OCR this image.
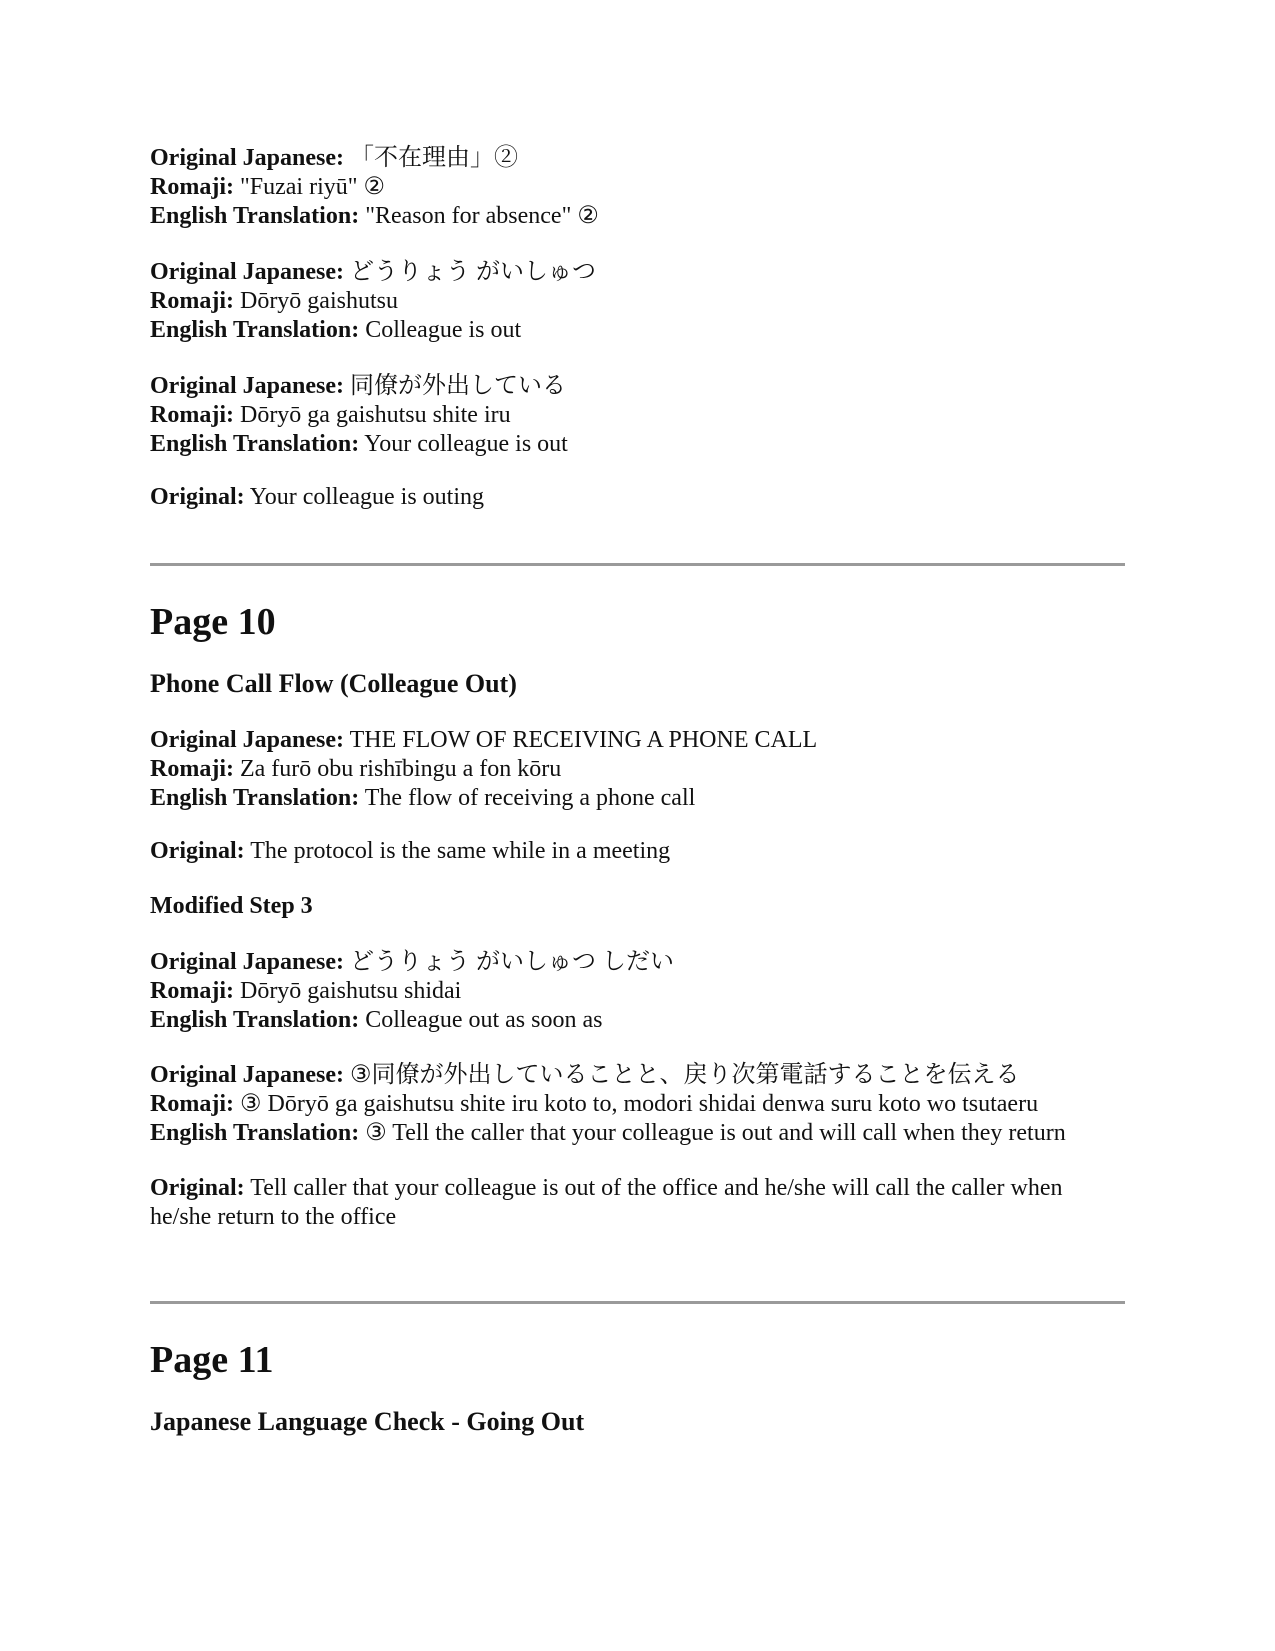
Original Japanese: 「不在理由」②
Romaji: "Fuzai riyū" ②
English Translation: "Reason for absence" ②
Original Japanese: どうりょう がいしゅつ
Romaji: Dōryō gaishutsu
English Translation: Colleague is out
Original Japanese: 同僚が外出している
Romaji: Dōryō ga gaishutsu shite iru
English Translation: Your colleague is out
Original: Your colleague is outing
Page 10
Phone Call Flow (Colleague Out)
Original Japanese: THE FLOW OF RECEIVING A PHONE CALL
Romaji: Za furō obu rishībingu a fon kōru
English Translation: The flow of receiving a phone call
Original: The protocol is the same while in a meeting
Modified Step 3
Original Japanese: どうりょう がいしゅつ しだい
Romaji: Dōryō gaishutsu shidai
English Translation: Colleague out as soon as
Original Japanese: ③同僚が外出していることと、戻り次第電話することを伝える
Romaji: ③ Dōryō ga gaishutsu shite iru koto to, modori shidai denwa suru koto wo tsutaeru
English Translation: ③ Tell the caller that your colleague is out and will call when they return
Original: Tell caller that your colleague is out of the office and he/she will call the caller when he/she return to the office
Page 11
Japanese Language Check - Going Out
